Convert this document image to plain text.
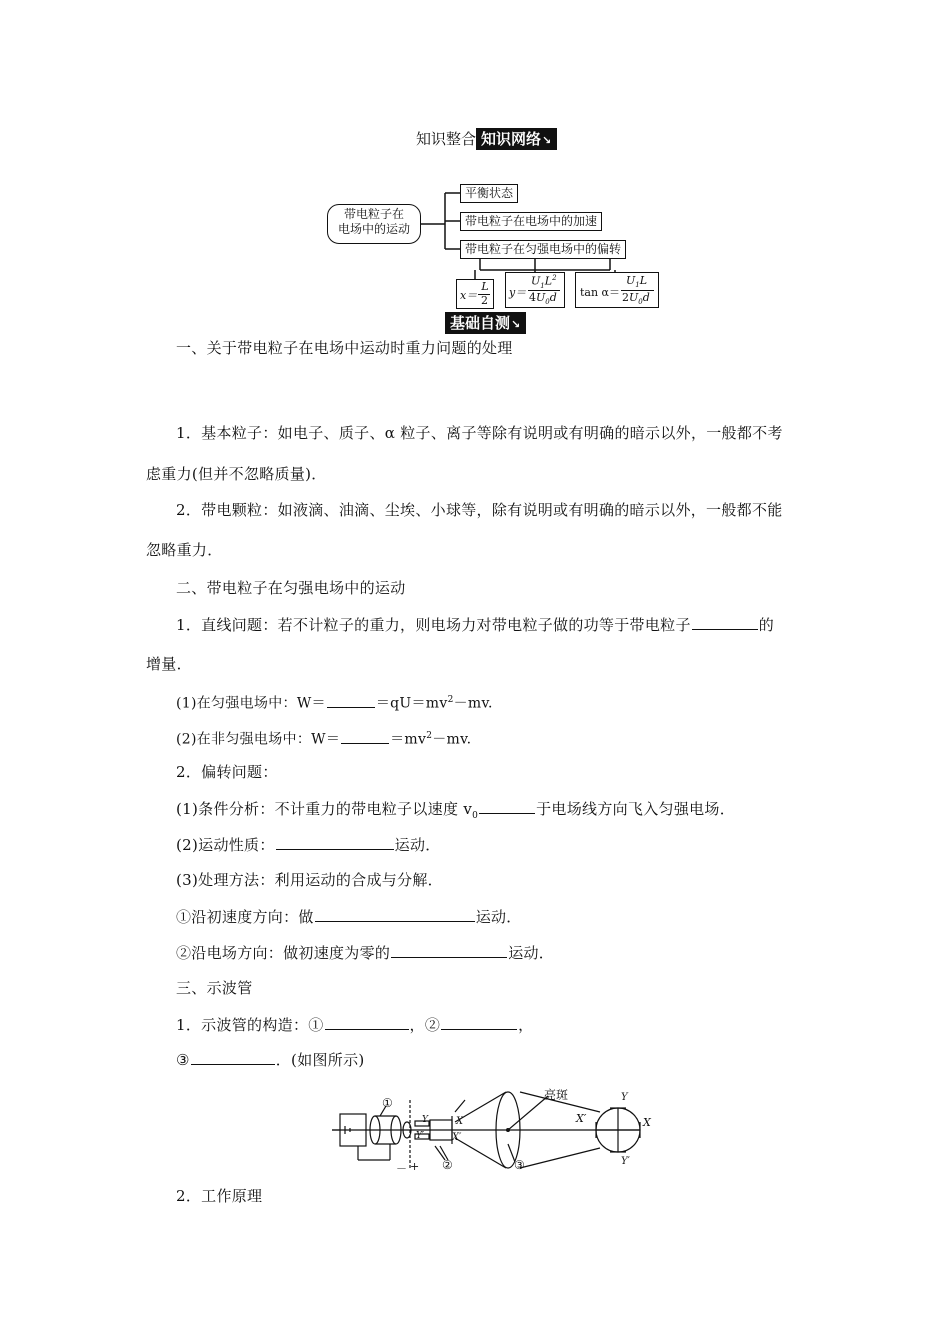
知识整合 知识网络↘
带电粒子在
电场中的运动
平衡状态
带电粒子在电场中的加速
带电粒子在匀强电场中的偏转
x＝
L
2
y＝
$U_1L^2$
$4U_0d$ tan α＝
$U_1L$
$2U_0d$
基础自测↘
一、关于带电粒子在电场中运动时重力问题的处理
1．基本粒子：如电子、质子、α 粒子、离子等除有说明或有明确的暗示以外，一般都不考
虑重力(但并不忽略质量)．
2．带电颗粒：如液滴、油滴、尘埃、小球等，除有说明或有明确的暗示以外，一般都不能
忽略重力．
二、带电粒子在匀强电场中的运动
1．直线问题：若不计粒子的重力，则电场力对带电粒子做的功等于带电粒子	的
增量．
(1)在匀强电场中：W＝	$=qU=mv^2-mv$.
(2)在非匀强电场中：W＝	$=mv^2-mv$.
2．偏转问题：
(1)条件分析：不计重力的带电粒子以速度 $v_0$	于电场线方向飞入匀强电场．
(2)运动性质：	运动．
(3)处理方法：利用运动的合成与分解．
①沿初速度方向：做	运动．
②沿电场方向：做初速度为零的	运动．
三、示波管
1．示波管的构造：①	，②	，
③	．(如图所示)
亮斑
①
②	③
X
X′
X′	X
Y
Y′
－ +
Y
Y′
2．工作原理
